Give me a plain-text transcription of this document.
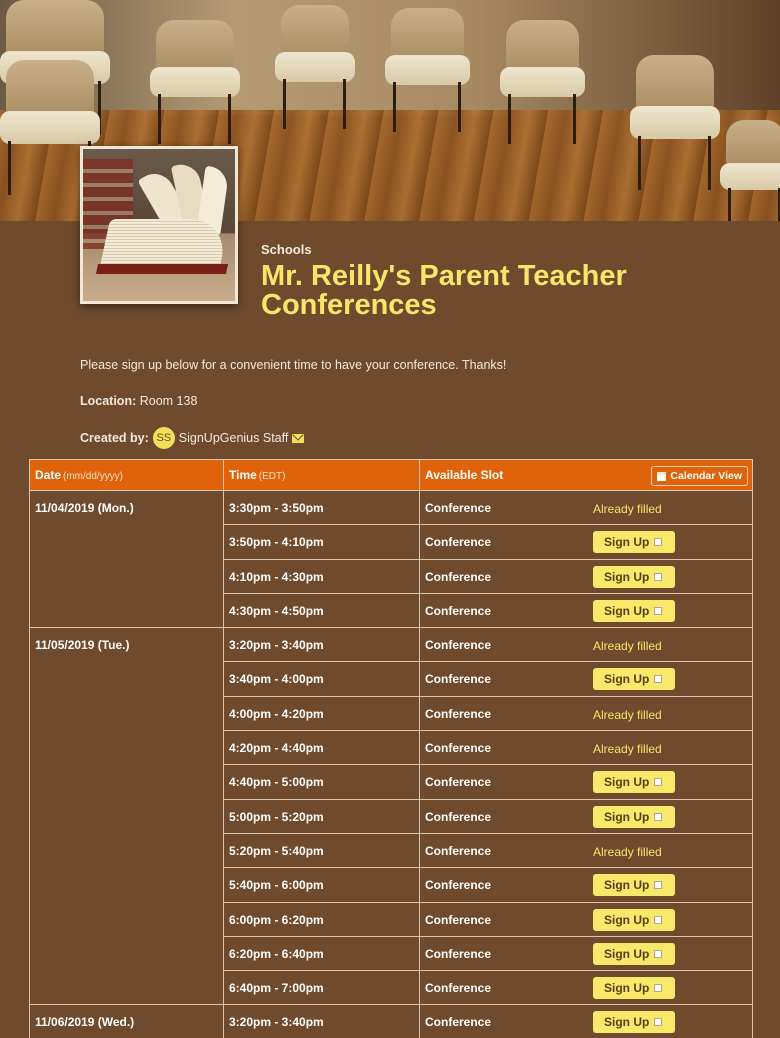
Schools
Mr. Reilly's Parent Teacher Conferences
Please sign up below for a convenient time to have your conference. Thanks!
Location: Room 138
Created by: SS SignUpGenius Staff
Date (mm/dd/yyyy)	Time (EDT)	Available Slot Calendar View

11/04/2019 (Mon.)	3:30pm - 3:50pm	Conference Already filled

	3:50pm - 4:10pm	Conference Sign Up

	4:10pm - 4:30pm	Conference Sign Up

	4:30pm - 4:50pm	Conference Sign Up

11/05/2019 (Tue.)	3:20pm - 3:40pm	Conference Already filled

	3:40pm - 4:00pm	Conference Sign Up

	4:00pm - 4:20pm	Conference Already filled

	4:20pm - 4:40pm	Conference Already filled

	4:40pm - 5:00pm	Conference Sign Up

	5:00pm - 5:20pm	Conference Sign Up

	5:20pm - 5:40pm	Conference Already filled

	5:40pm - 6:00pm	Conference Sign Up

	6:00pm - 6:20pm	Conference Sign Up

	6:20pm - 6:40pm	Conference Sign Up

	6:40pm - 7:00pm	Conference Sign Up

11/06/2019 (Wed.)	3:20pm - 3:40pm	Conference Sign Up
